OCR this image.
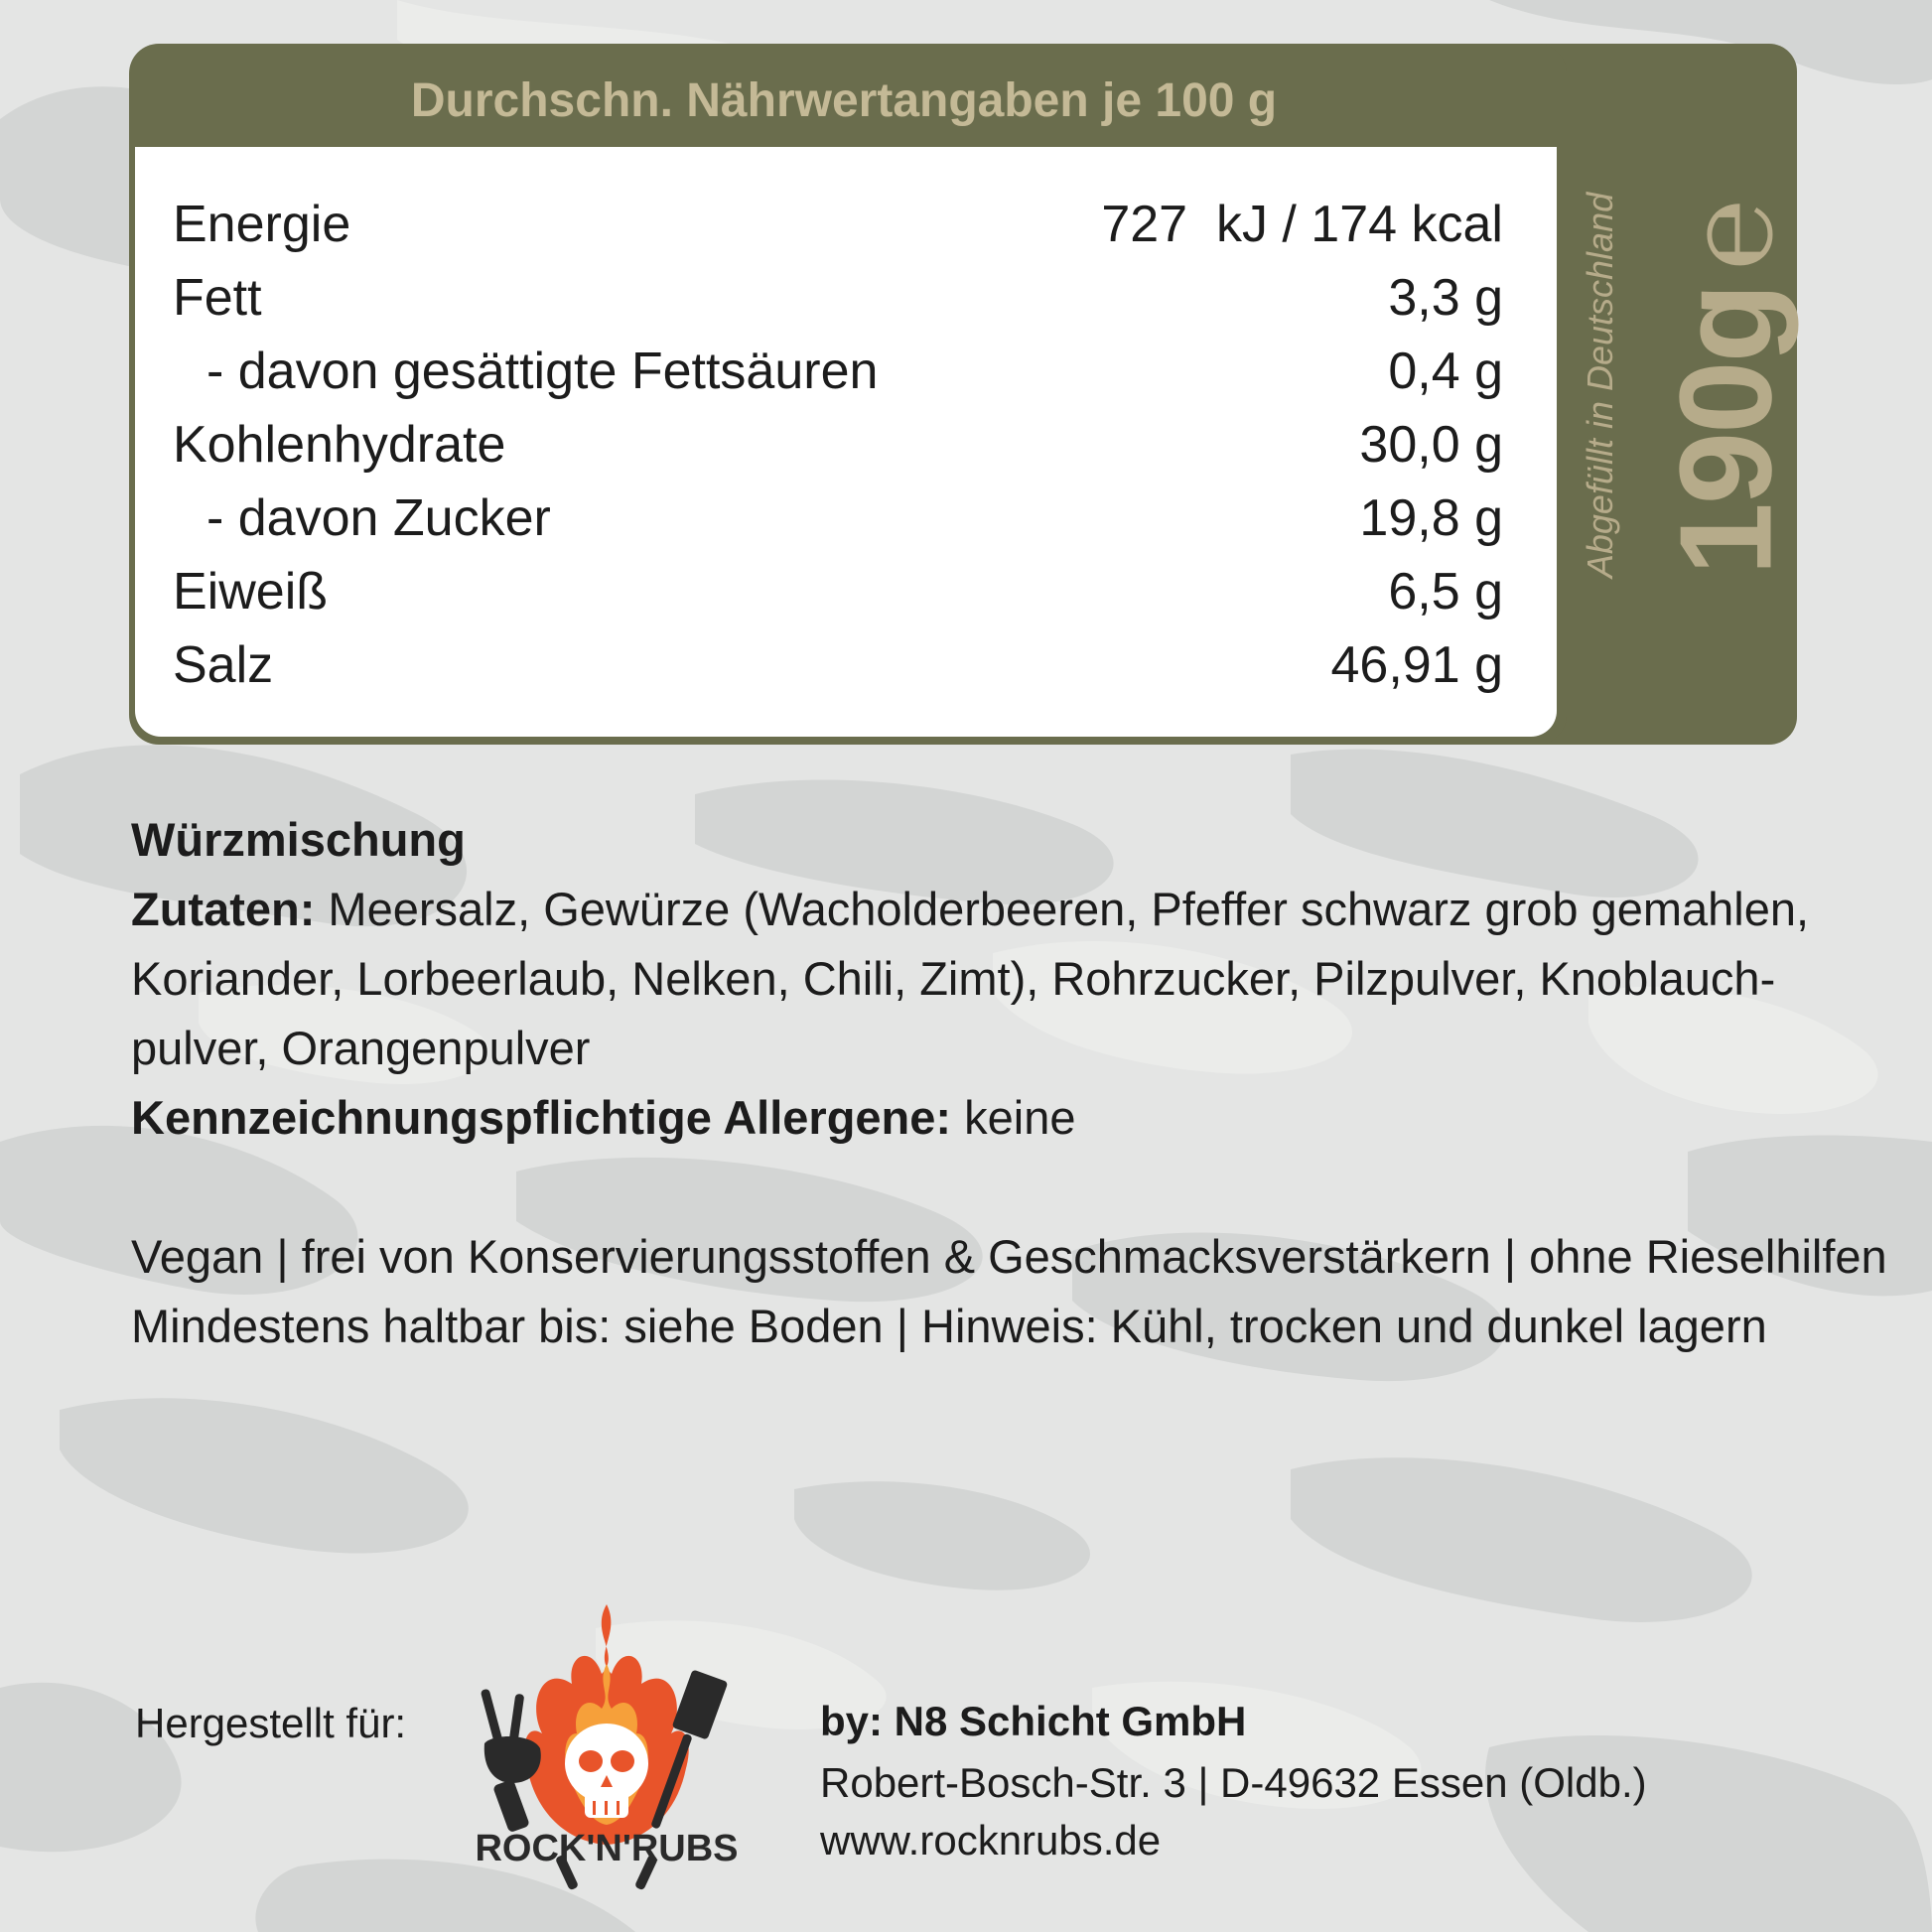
Abgefüllt in Deutschland 190g ℮
Durchschn. Nährwertangaben je 100 g
Energie	727  kJ / 174 kcal
Fett	3,3 g
- davon gesättigte Fettsäuren	0,4 g
Kohlenhydrate	30,0 g
- davon Zucker	19,8 g
Eiweiß	6,5 g
Salz	46,91 g
Würzmischung
Zutaten: Meersalz, Gewürze (Wacholderbeeren, Pfeffer schwarz grob gemahlen,
Koriander, Lorbeerlaub, Nelken, Chili, Zimt), Rohrzucker, Pilzpulver, Knoblauch-
pulver, Orangenpulver
Kennzeichnungspflichtige Allergene: keine
Vegan | frei von Konservierungsstoffen & Geschmacksverstärkern | ohne Rieselhilfen
Mindestens haltbar bis: siehe Boden | Hinweis: Kühl, trocken und dunkel lagern
Hergestellt für:
ROCK'N'RUBS
by: N8 Schicht GmbH
Robert-Bosch-Str. 3 | D-49632 Essen (Oldb.)
www.rocknrubs.de
